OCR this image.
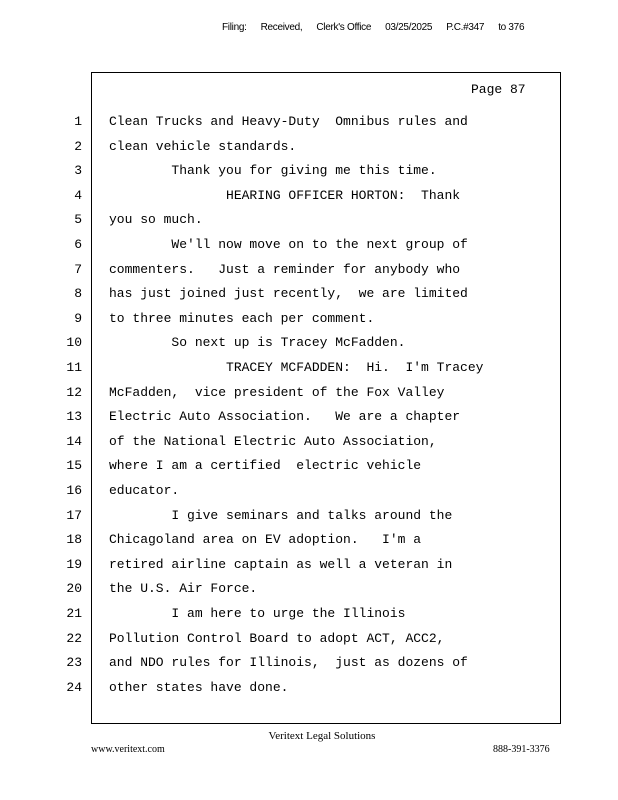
Filing: Received, Clerk's Office 03/25/2025 P.C.#347 to 376
Page 87
1 Clean Trucks and Heavy-Duty  Omnibus rules and
2 clean vehicle standards.
3 Thank you for giving me this time.
4 HEARING OFFICER HORTON:  Thank
5 you so much.
6 We'll now move on to the next group of
7 commenters.   Just a reminder for anybody who
8 has just joined just recently,  we are limited
9 to three minutes each per comment.
10 So next up is Tracey McFadden.
11 TRACEY MCFADDEN:  Hi.  I'm Tracey
12 McFadden,  vice president of the Fox Valley
13 Electric Auto Association.   We are a chapter
14 of the National Electric Auto Association,
15 where I am a certified  electric vehicle
16 educator.
17 I give seminars and talks around the
18 Chicagoland area on EV adoption.   I'm a
19 retired airline captain as well a veteran in
20 the U.S. Air Force.
21 I am here to urge the Illinois
22 Pollution Control Board to adopt ACT, ACC2,
23 and NDO rules for Illinois,  just as dozens of
24 other states have done.
Veritext Legal Solutions
www.veritext.com	888-391-3376
